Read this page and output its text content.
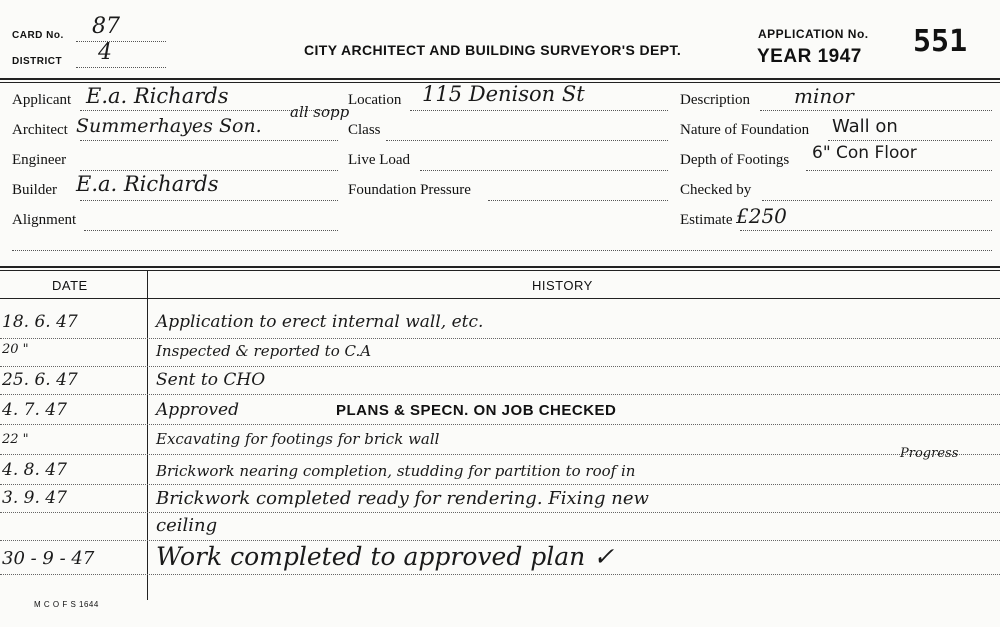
CARD No. 87
DISTRICT 4	CITY ARCHITECT AND BUILDING SURVEYOR'S DEPT.
APPLICATION No.
YEAR 1947 551
Applicant E.a. Richards
Architect Summerhayes Son.
all sopp
Engineer
Builder E.a. Richards
Alignment
Location 115 Denison St
Class
Live Load
Foundation Pressure
Description minor
Nature of Foundation Wall on
Depth of Footings 6" Con Floor
Checked by
Estimate £250
DATE	HISTORY
18. 6. 47	Application to erect internal wall, etc.
20 "	Inspected & reported to C.A
25. 6. 47	Sent to CHO
4. 7. 47	Approved	PLANS & SPECN. ON JOB CHECKED
22 "	Excavating for footings for brick wall
4. 8. 47	Brickwork nearing completion, studding for partition to roof in
Progress
3. 9. 47	Brickwork completed ready for rendering. Fixing new
ceiling
30 - 9 - 47	Work completed to approved plan ✓
M C O F S 1644
